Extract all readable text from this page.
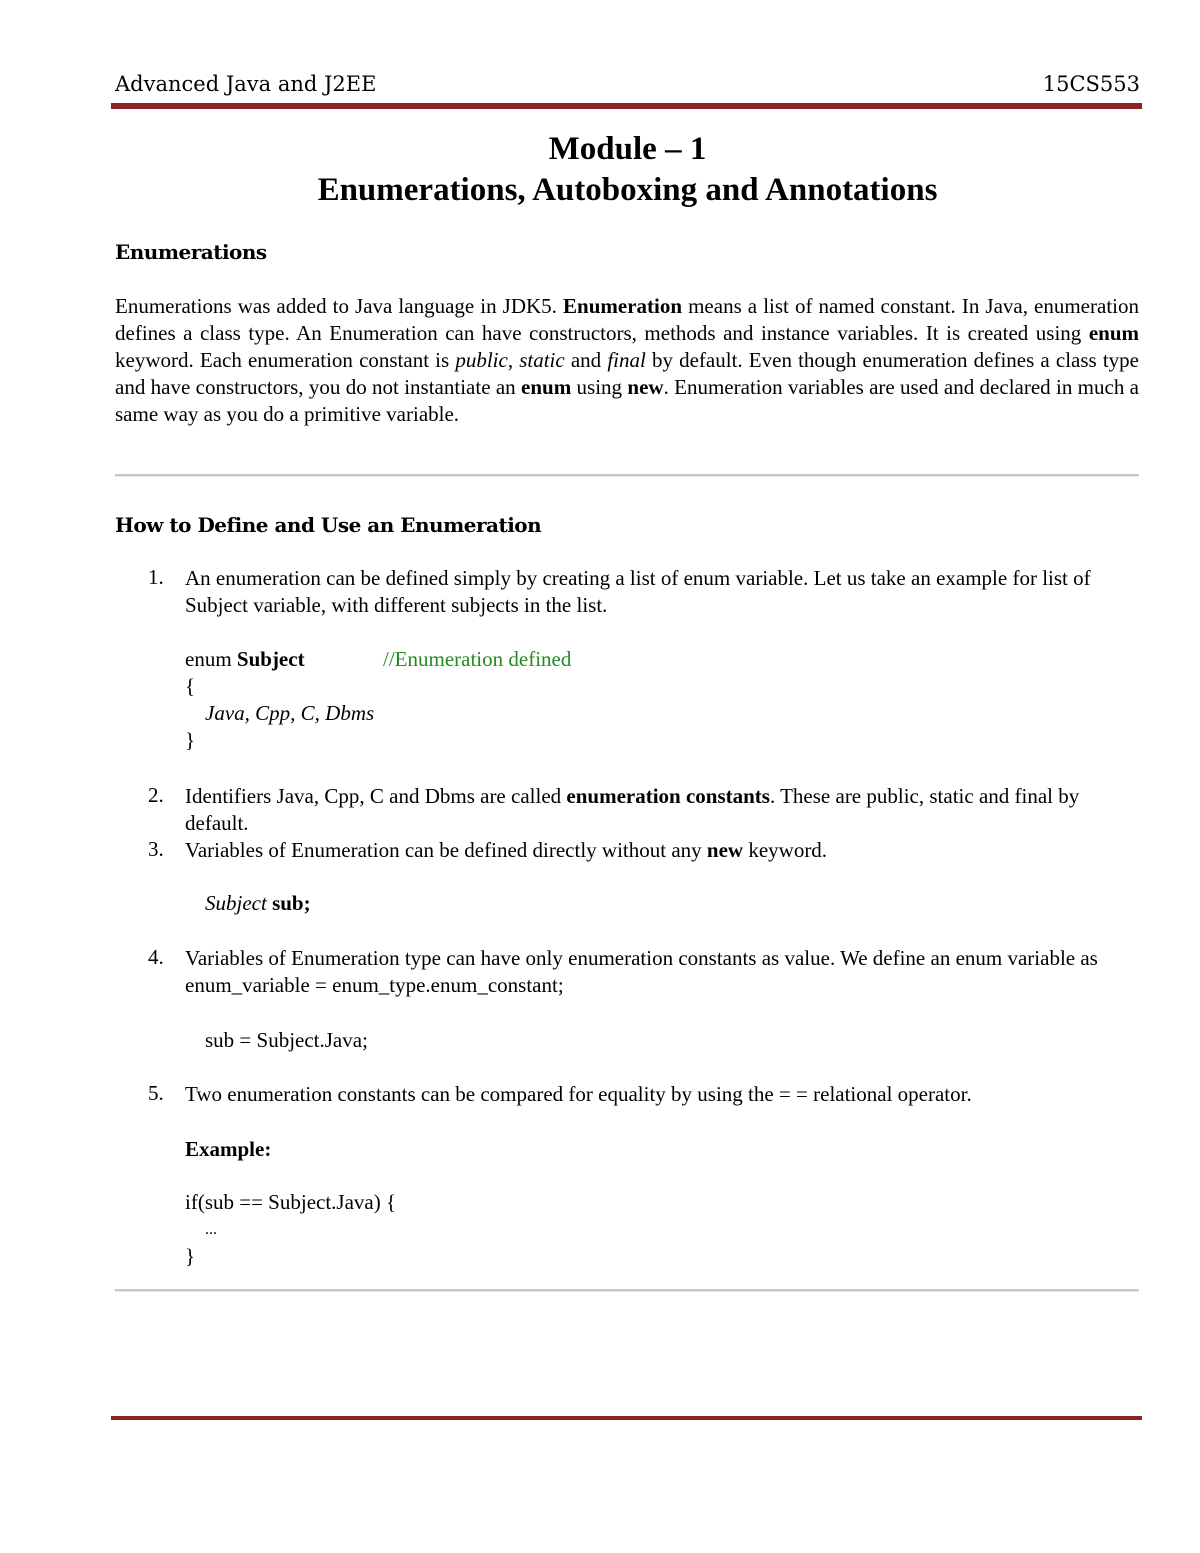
Advanced Java and J2EE	15CS553
Module – 1
Enumerations, Autoboxing and Annotations
Enumerations
Enumerations was added to Java language in JDK5. Enumeration means a list of named constant. In Java, enumeration defines a class type. An Enumeration can have constructors, methods and instance variables. It is created using enum keyword. Each enumeration constant is public, static and final by default. Even though enumeration defines a class type and have constructors, you do not instantiate an enum using new. Enumeration variables are used and declared in much a same way as you do a primitive variable.
How to Define and Use an Enumeration
1. An enumeration can be defined simply by creating a list of enum variable. Let us take an example for list of Subject variable, with different subjects in the list.
enum Subject	//Enumeration defined
{
Java, Cpp, C, Dbms
}
2. Identifiers Java, Cpp, C and Dbms are called enumeration constants. These are public, static and final by default.
3. Variables of Enumeration can be defined directly without any new keyword.
Subject sub;
4. Variables of Enumeration type can have only enumeration constants as value. We define an enum variable as enum_variable = enum_type.enum_constant;
sub = Subject.Java;
5. Two enumeration constants can be compared for equality by using the = = relational operator.
Example:
if(sub == Subject.Java) {
...
}
